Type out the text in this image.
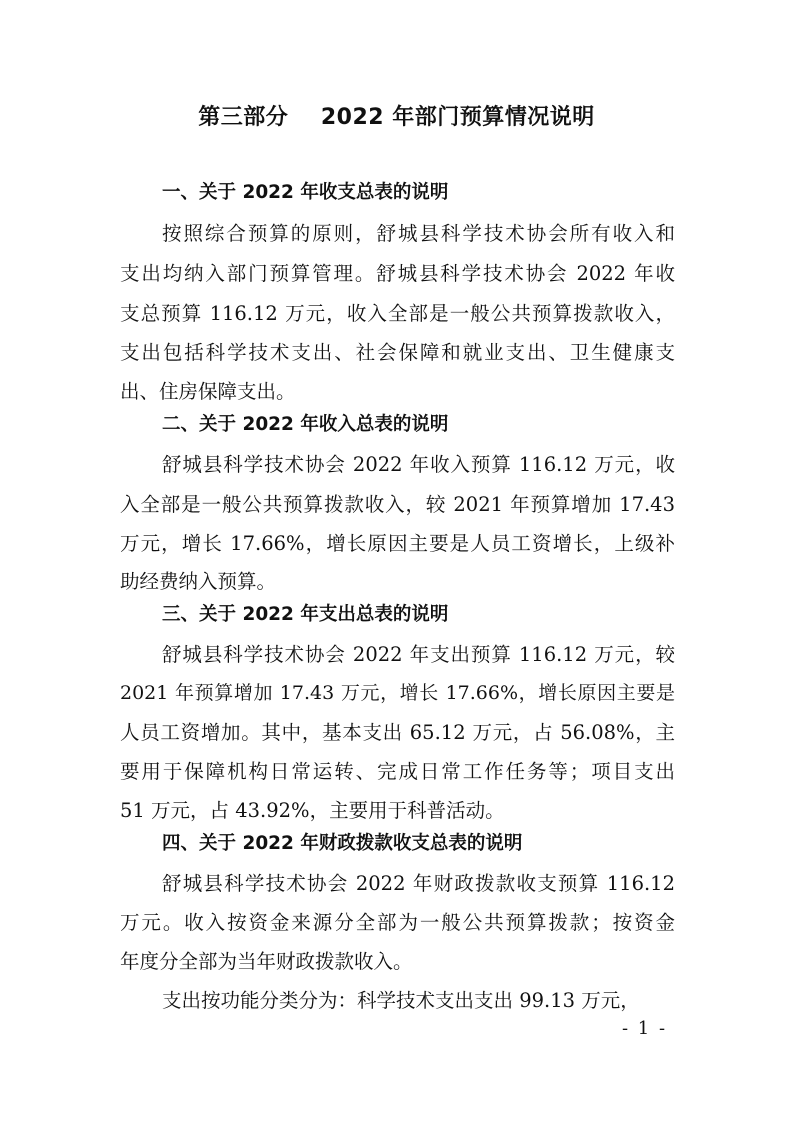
第三部分    2022 年部门预算情况说明
一、关于 2022 年收支总表的说明
按照综合预算的原则，舒城县科学技术协会所有收入和
支出均纳入部门预算管理。舒城县科学技术协会 2022 年收
支总预算 116.12 万元，收入全部是一般公共预算拨款收入，
支出包括科学技术支出、社会保障和就业支出、卫生健康支
出、住房保障支出。
二、关于 2022 年收入总表的说明
舒城县科学技术协会 2022 年收入预算 116.12 万元，收
入全部是一般公共预算拨款收入，较 2021 年预算增加 17.43
万元，增长 17.66%，增长原因主要是人员工资增长，上级补
助经费纳入预算。
三、关于 2022 年支出总表的说明
舒城县科学技术协会 2022 年支出预算 116.12 万元，较
2021 年预算增加 17.43 万元，增长 17.66%，增长原因主要是
人员工资增加。其中，基本支出 65.12 万元，占 56.08%，主
要用于保障机构日常运转、完成日常工作任务等；项目支出
51 万元，占 43.92%，主要用于科普活动。
四、关于 2022 年财政拨款收支总表的说明
舒城县科学技术协会 2022 年财政拨款收支预算 116.12
万元。收入按资金来源分全部为一般公共预算拨款；按资金
年度分全部为当年财政拨款收入。
支出按功能分类分为：科学技术支出支出 99.13 万元，
- 1 -
